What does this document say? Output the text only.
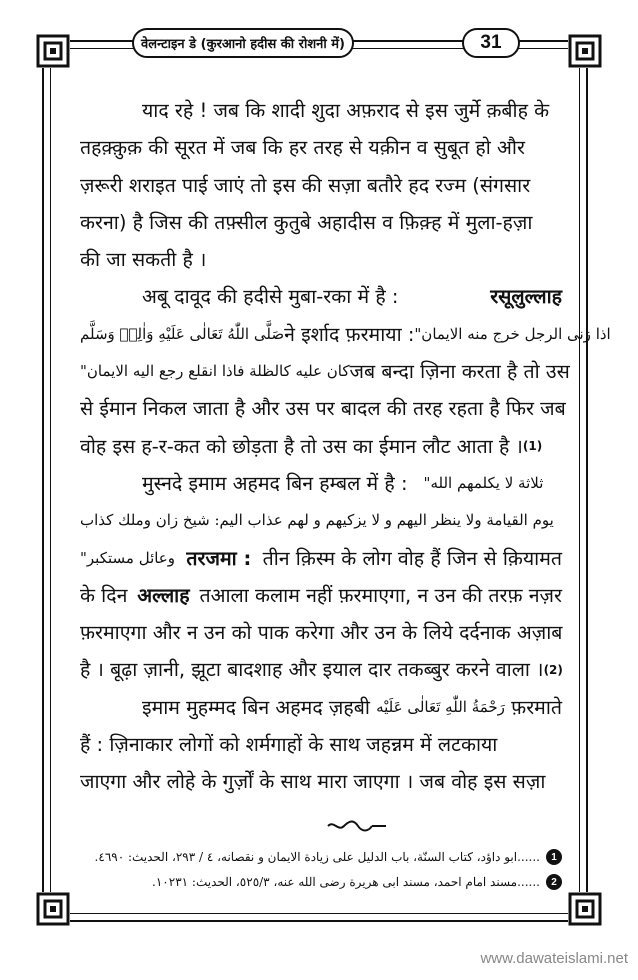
वेलन्टाइन डे (कुरआनो हदीस की रोशनी में)	31
याद रहे ! जब कि शादी शुदा अफ़राद से इस जुर्मे क़बीह के
तहक़्क़ुक़ की सूरत में जब कि हर तरह से यक़ीन व सुबूत हो और
ज़रूरी शराइत पाई जाएं तो इस की सज़ा बतौरे हद रज्म (संगसार
करना) है जिस की तफ़्सील कुतुबे अहादीस व फ़िक़्ह में मुला-हज़ा
की जा सकती है ।
अबू दावूद की हदीसे मुबा-रका में है :	रसूलुल्लाह
صَلَّى اللّٰهُ تَعَالٰى عَلَيْهِ وَاٰلِهٖ وَسَلَّم ने इर्शाद फ़रमाया : "اذا زنى الرجل خرج منه الايمان
"كان عليه كالظلة فاذا انقلع رجع اليه الايمان जब बन्दा ज़िना करता है तो उस
से ईमान निकल जाता है और उस पर बादल की तरह रहता है फिर जब
वोह इस ह-र-कत को छोड़ता है तो उस का ईमान लौट आता है । (1)
मुस्नदे इमाम अहमद बिन हम्बल में है : "ثلاثة لا يكلمهم الله
يوم القيامة ولا ينظر اليهم و لا يزكيهم و لهم عذاب اليم: شيخ زان وملك كذاب
"وعائل مستكبر तरजमा : तीन क़िस्म के लोग वोह हैं जिन से क़ियामत
के दिन अल्लाह तआला कलाम नहीं फ़रमाएगा, न उन की तरफ़ नज़र
फ़रमाएगा और न उन को पाक करेगा और उन के लिये दर्दनाक अज़ाब
है । बूढ़ा ज़ानी, झूटा बादशाह और इयाल दार तकब्बुर करने वाला । (2)
इमाम मुहम्मद बिन अहमद ज़हबी رَحْمَةُ اللّٰهِ تَعَالٰى عَلَيْه फ़रमाते
हैं : ज़िनाकार लोगों को शर्मगाहों के साथ जहन्नम में लटकाया
जाएगा और लोहे के गुर्ज़ों के साथ मारा जाएगा । जब वोह इस सज़ा
1
......ابو داؤد، كتاب السنّة، باب الدليل على زيادة الايمان و نقصانه، ٤ / ٢٩٣، الحديث: ٤٦٩٠.
2
......مسند امام احمد، مسند ابى هريرة رضى الله عنه، ٥٢٥/٣، الحديث: ١٠٢٣١.
www.dawateislami.net
